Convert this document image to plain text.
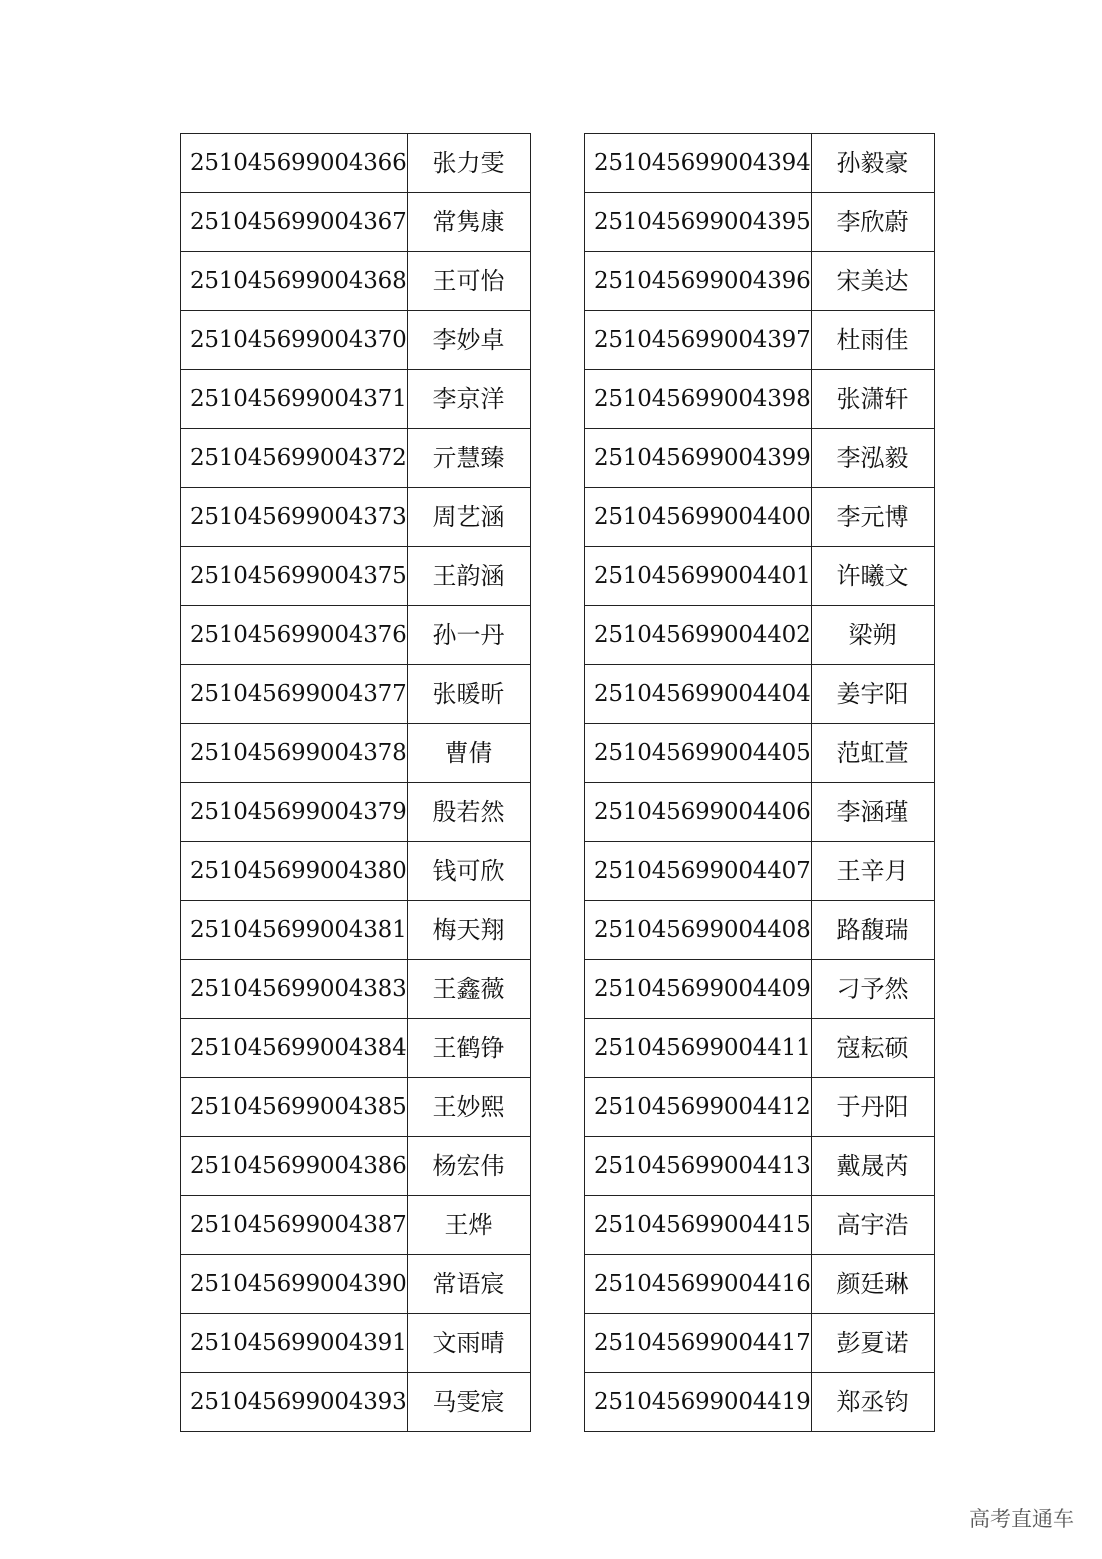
251045699004366	张力雯
251045699004367	常隽康
251045699004368	王可怡
251045699004370	李妙卓
251045699004371	李京洋
251045699004372	亓慧臻
251045699004373	周艺涵
251045699004375	王韵涵
251045699004376	孙一丹
251045699004377	张暖昕
251045699004378	曹倩
251045699004379	殷若然
251045699004380	钱可欣
251045699004381	梅天翔
251045699004383	王鑫薇
251045699004384	王鹤铮
251045699004385	王妙熙
251045699004386	杨宏伟
251045699004387	王烨
251045699004390	常语宸
251045699004391	文雨晴
251045699004393	马雯宸
251045699004394	孙毅豪
251045699004395	李欣蔚
251045699004396	宋美达
251045699004397	杜雨佳
251045699004398	张潇轩
251045699004399	李泓毅
251045699004400	李元博
251045699004401	许曦文
251045699004402	梁朔
251045699004404	姜宇阳
251045699004405	范虹萱
251045699004406	李涵瑾
251045699004407	王辛月
251045699004408	路馥瑞
251045699004409	刁予然
251045699004411	寇耘硕
251045699004412	于丹阳
251045699004413	戴晟芮
251045699004415	高宇浩
251045699004416	颜廷琳
251045699004417	彭夏诺
251045699004419	郑丞钧
高考直通车
